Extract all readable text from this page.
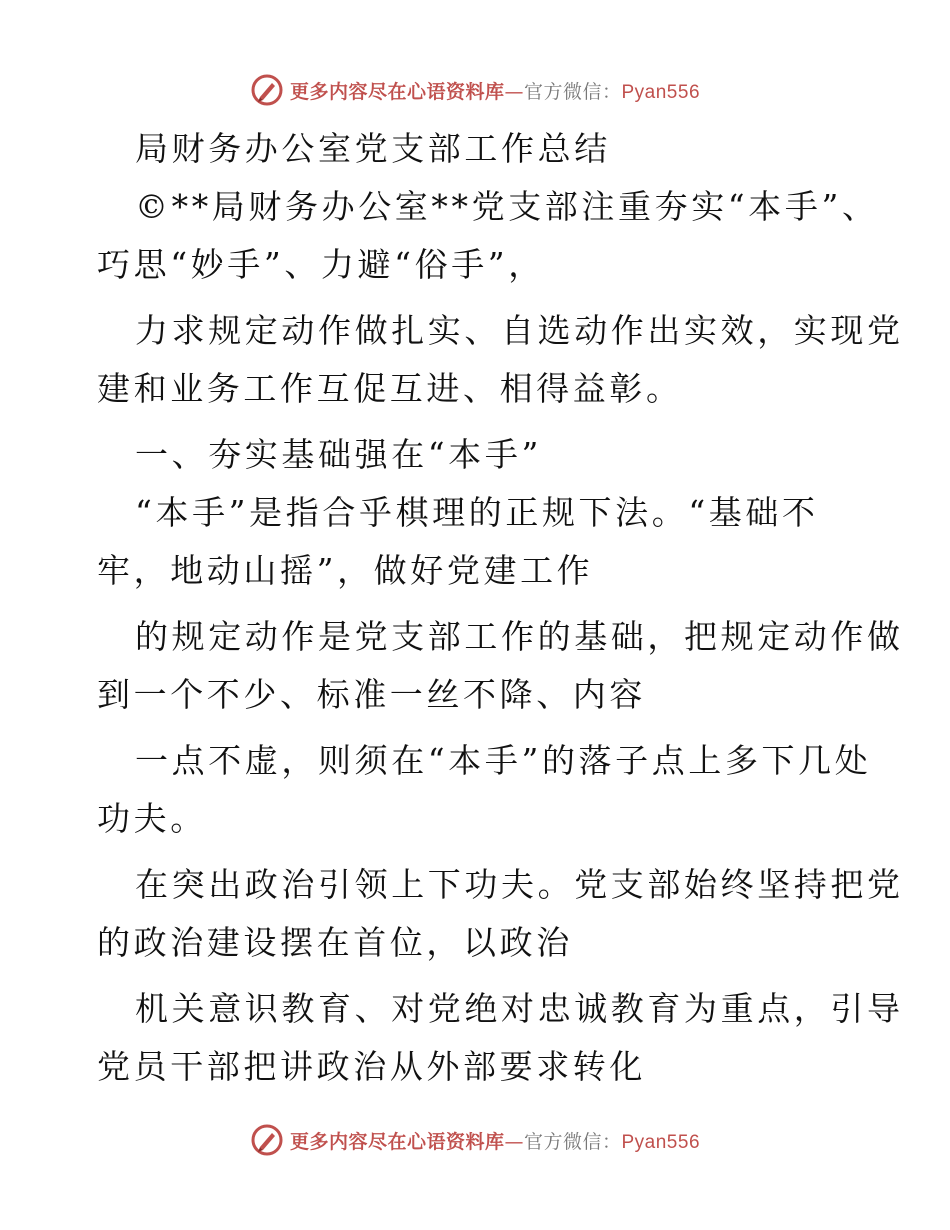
更多内容尽在心语资料库—官方微信：Pyan556
局财务办公室党支部工作总结
©**局财务办公室**党支部注重夯实“本手”、
巧思“妙手”、力避“俗手”，
力求规定动作做扎实、自选动作出实效，实现党
建和业务工作互促互进、相得益彰。
一、夯实基础强在“本手”
“本手”是指合乎棋理的正规下法。“基础不
牢，地动山摇”，做好党建工作
的规定动作是党支部工作的基础，把规定动作做
到一个不少、标准一丝不降、内容
一点不虚，则须在“本手”的落子点上多下几处
功夫。
在突出政治引领上下功夫。党支部始终坚持把党
的政治建设摆在首位，以政治
机关意识教育、对党绝对忠诚教育为重点，引导
党员干部把讲政治从外部要求转化
更多内容尽在心语资料库—官方微信：Pyan556
